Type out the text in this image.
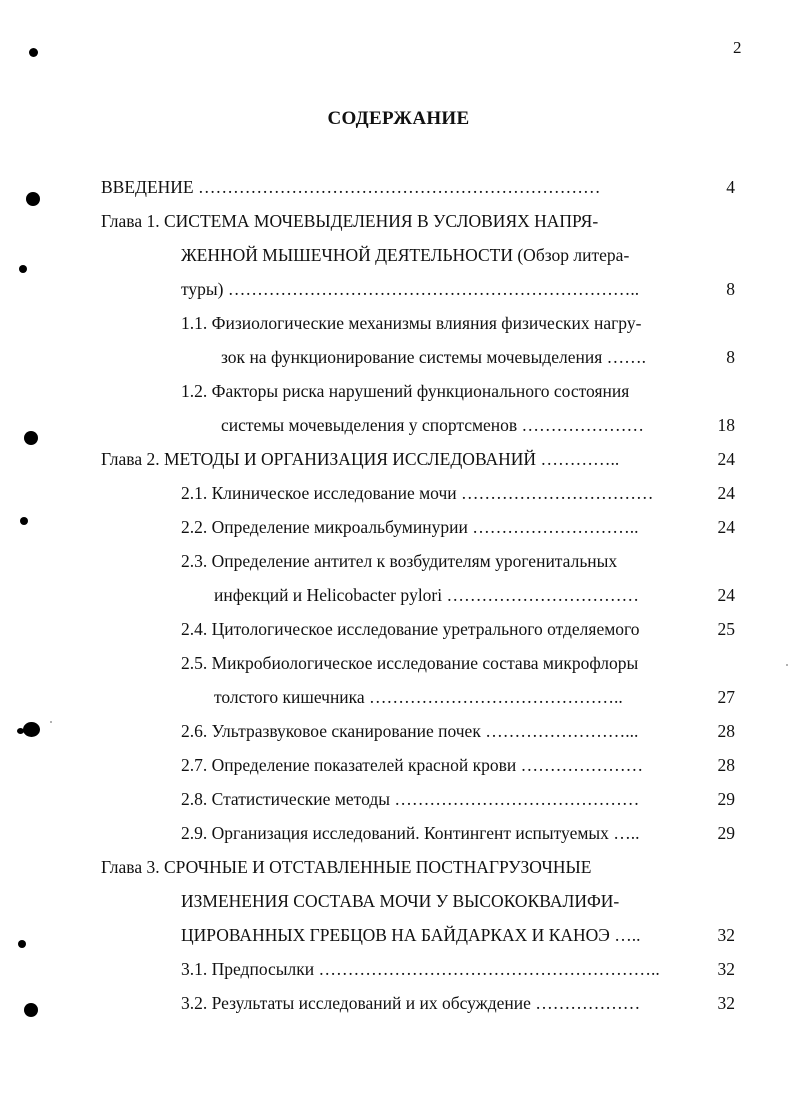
2
СОДЕРЖАНИЕ
ВВЕДЕНИЕ ……………………………………………………………	4
Глава 1. СИСТЕМА МОЧЕВЫДЕЛЕНИЯ В УСЛОВИЯХ НАПРЯ-
ЖЕННОЙ МЫШЕЧНОЙ ДЕЯТЕЛЬНОСТИ (Обзор литера-
туры) ……………………………………………………………..	8
1.1. Физиологические механизмы влияния физических нагру-
зок на функционирование системы мочевыделения …….	8
1.2. Факторы риска нарушений функционального состояния
системы мочевыделения у спортсменов …………………	18
Глава 2. МЕТОДЫ И ОРГАНИЗАЦИЯ ИССЛЕДОВАНИЙ …………..	24
2.1. Клиническое исследование мочи ……………………………	24
2.2. Определение микроальбуминурии ………………………..	24
2.3. Определение антител к возбудителям урогенитальных
инфекций и Helicobacter pylori ……………………………	24
2.4. Цитологическое исследование уретрального отделяемого	25
2.5. Микробиологическое исследование состава микрофлоры
толстого кишечника ……………………………………..	27
2.6. Ультразвуковое сканирование почек ……………………...	28
2.7. Определение показателей красной крови …………………	28
2.8. Статистические методы ……………………………………	29
2.9. Организация исследований. Контингент испытуемых …..	29
Глава 3. СРОЧНЫЕ И ОТСТАВЛЕННЫЕ ПОСТНАГРУЗОЧНЫЕ
ИЗМЕНЕНИЯ СОСТАВА МОЧИ У ВЫСОКОКВАЛИФИ-
ЦИРОВАННЫХ ГРЕБЦОВ НА БАЙДАРКАХ И КАНОЭ …..	32
3.1. Предпосылки …………………………………………………..	32
3.2. Результаты исследований и их обсуждение ………………	32
